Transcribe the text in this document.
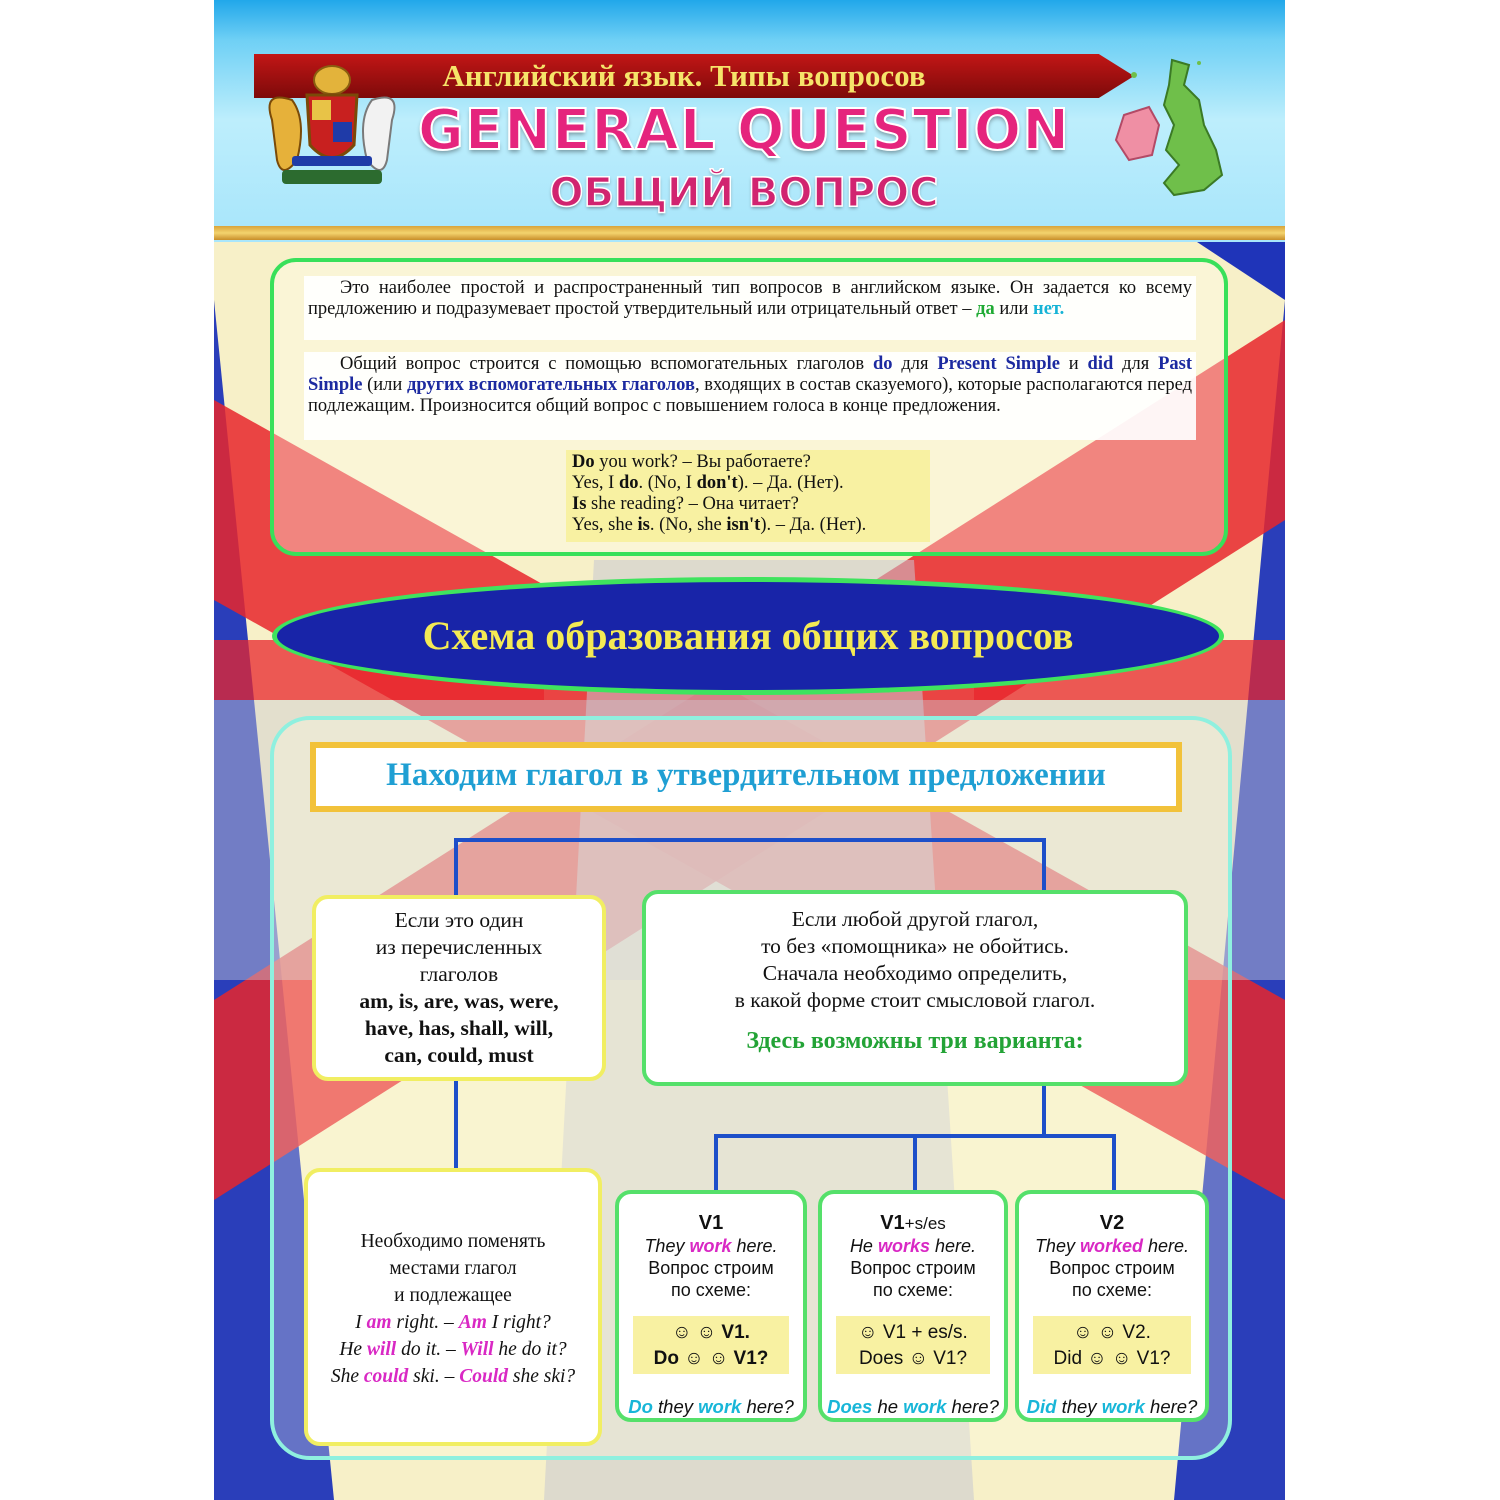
Английский язык. Типы вопросов
GENERAL QUESTION
ОБЩИЙ ВОПРОС
Это наиболее простой и распространенный тип вопросов в английском языке. Он задается ко всему предложению и подразумевает простой утвердительный или отрицательный ответ – да или нет.
Общий вопрос строится с помощью вспомогательных глаголов do для Present Simple и did для Past Simple (или других вспомогательных глаголов, входящих в состав сказуемого), которые располагаются перед подлежащим. Произносится общий вопрос с повышением голоса в конце предложения.
Do you work? – Вы работаете?
Yes, I do. (No, I don't). – Да. (Нет).
Is she reading? – Она читает?
Yes, she is. (No, she isn't). – Да. (Нет).
Схема образования общих вопросов
Находим глагол в утвердительном предложении
Если это один
из перечисленных
глаголов
am, is, are, was, were,
have, has, shall, will,
can, could, must
Если любой другой глагол,
то без «помощника» не обойтись.
Сначала необходимо определить,
в какой форме стоит смысловой глагол.
Здесь возможны три варианта:
Необходимо поменять
местами глагол
и подлежащее
I am right. – Am I right?
He will do it. – Will he do it?
She could ski. – Could she ski?
V1
They work here.
Вопрос строим
по схеме:
☺ ☺ V1.
Do ☺ ☺ V1?
Do they work here?
V1+s/es
He works here.
Вопрос строим
по схеме:
☺ V1 + es/s.
Does ☺ V1?
Does he work here?
V2
They worked here.
Вопрос строим
по схеме:
☺ ☺ V2.
Did ☺ ☺ V1?
Did they work here?
